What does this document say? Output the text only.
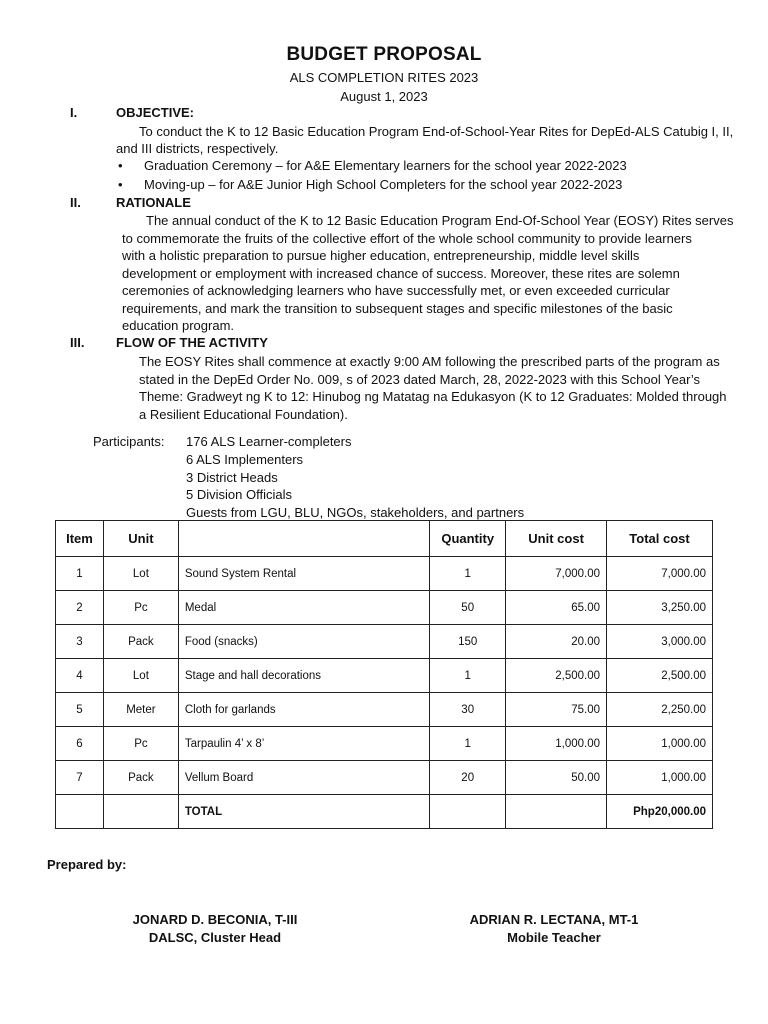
BUDGET PROPOSAL
ALS COMPLETION RITES 2023
August 1, 2023
I.	OBJECTIVE:
To conduct the K to 12 Basic Education Program End-of-School-Year Rites for DepEd-ALS Catubig I, II,
and III districts, respectively.
• Graduation Ceremony – for A&E Elementary learners for the school year 2022-2023
• Moving-up – for A&E Junior High School Completers for the school year 2022-2023
II.	RATIONALE
The annual conduct of the K to 12 Basic Education Program End-Of-School Year (EOSY) Rites serves
to commemorate the fruits of the collective effort of the whole school community to provide learners
with a holistic preparation to pursue higher education, entrepreneurship, middle level skills
development or employment with increased chance of success. Moreover, these rites are solemn
ceremonies of acknowledging learners who have successfully met, or even exceeded curricular
requirements, and mark the transition to subsequent stages and specific milestones of the basic
education program.
III. FLOW OF THE ACTIVITY
The EOSY Rites shall commence at exactly 9:00 AM following the prescribed parts of the program as
stated in the DepEd Order No. 009, s of 2023 dated March, 28, 2022-2023 with this School Year’s
Theme: Gradweyt ng K to 12: Hinubog ng Matatag na Edukasyon (K to 12 Graduates: Molded through
a Resilient Educational Foundation).
Participants: 176 ALS Learner-completers
6 ALS Implementers
3 District Heads
5 Division Officials
Guests from LGU, BLU, NGOs, stakeholders, and partners
Item	Unit		Quantity	Unit cost	Total cost
1	Lot	Sound System Rental	1	7,000.00	7,000.00
2	Pc	Medal	50	65.00	3,250.00
3	Pack	Food (snacks)	150	20.00	3,000.00
4	Lot	Stage and hall decorations	1	2,500.00	2,500.00
5	Meter	Cloth for garlands	30	75.00	2,250.00
6	Pc	Tarpaulin 4’ x 8’	1	1,000.00	1,000.00
7	Pack	Vellum Board	20	50.00	1,000.00
		TOTAL			Php20,000.00
Prepared by:
JONARD D. BECONIA, T-III
DALSC, Cluster Head
ADRIAN R. LECTANA, MT-1
Mobile Teacher
